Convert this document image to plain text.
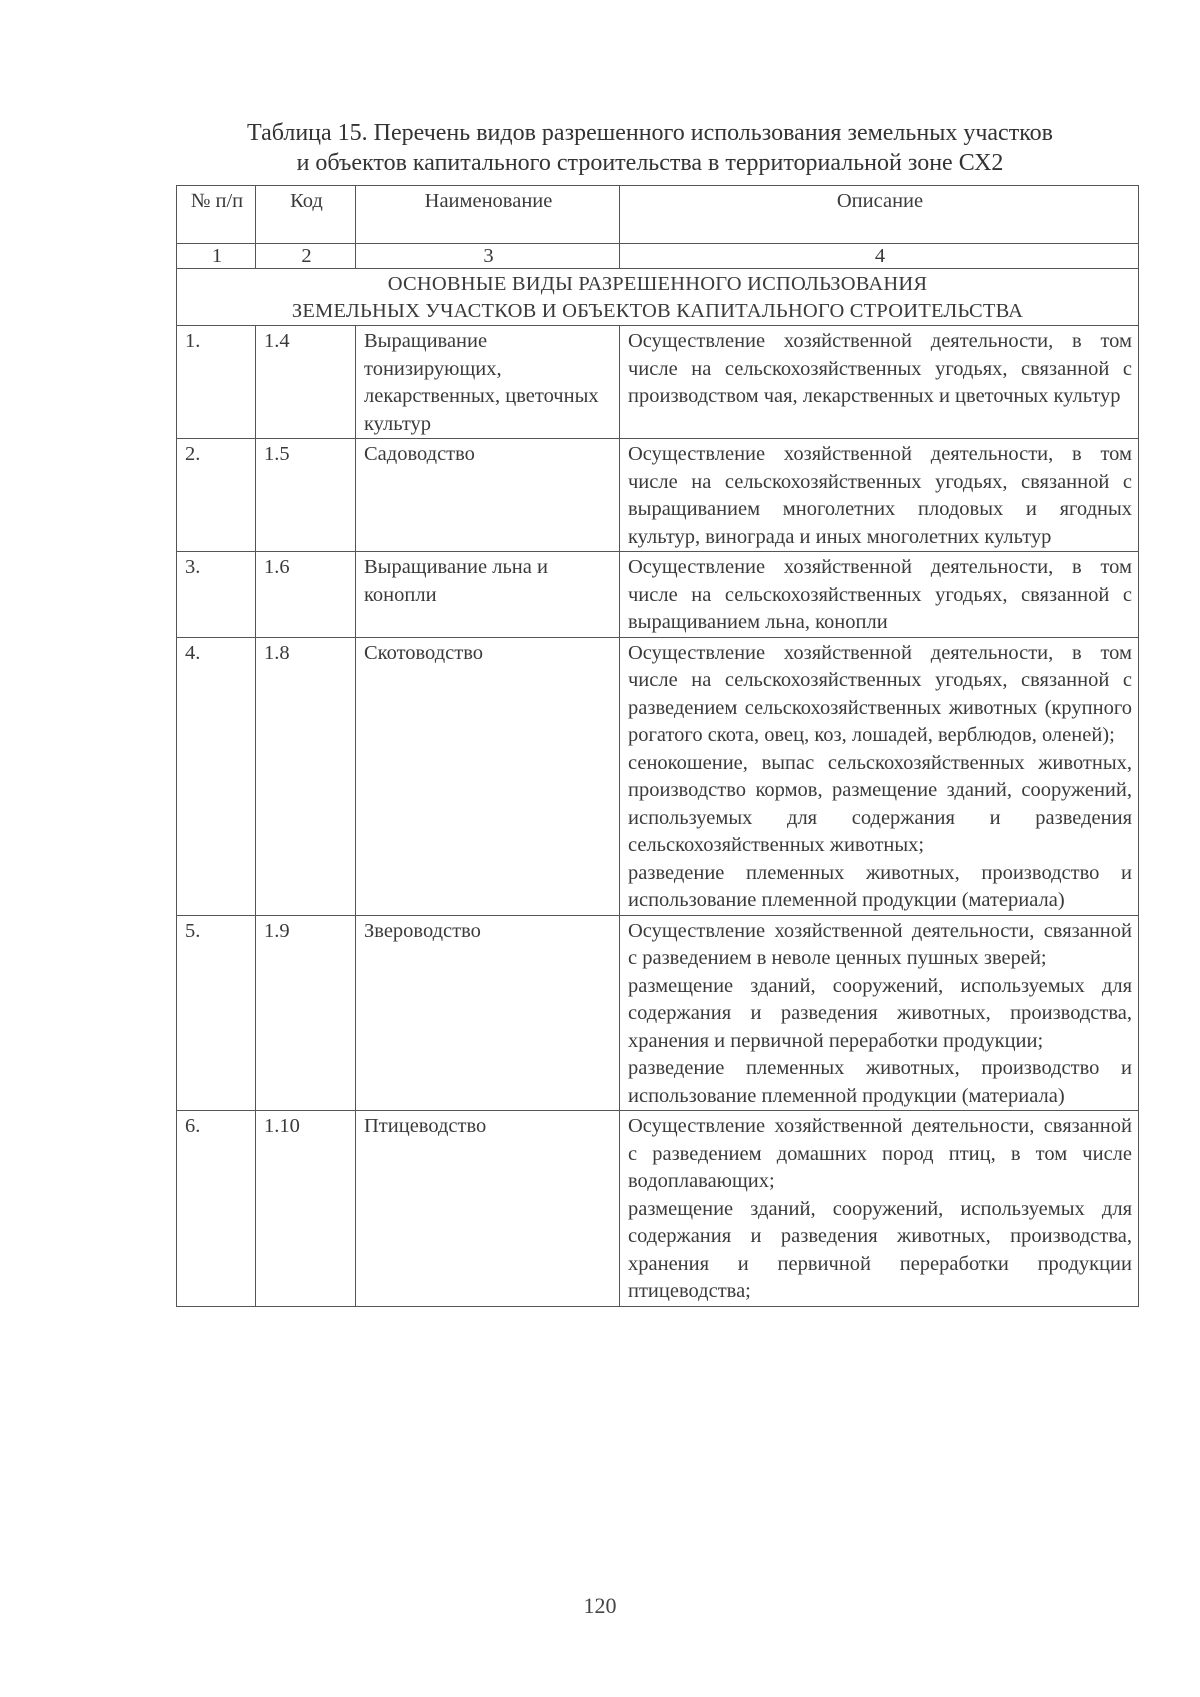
Таблица 15. Перечень видов разрешенного использования земельных участков
и объектов капитального строительства в территориальной зоне СХ2
№ п/п	Код	Наименование	Описание
1	2	3	4

ОСНОВНЫЕ ВИДЫ РАЗРЕШЕННОГО ИСПОЛЬЗОВАНИЯ
ЗЕМЕЛЬНЫХ УЧАСТКОВ И ОБЪЕКТОВ КАПИТАЛЬНОГО СТРОИТЕЛЬСТВА			

1.	1.4	Выращивание тонизирующих, лекарственных, цветочных культур	Осуществление хозяйственной деятельности, в том числе на сельскохозяйственных угодьях, связанной с производством чая, лекарственных и цветочных культур

2.	1.5	Садоводство	Осуществление хозяйственной деятельности, в том числе на сельскохозяйственных угодьях, связанной с выращиванием многолетних плодовых и ягодных культур, винограда и иных многолетних культур

3.	1.6	Выращивание льна и конопли	Осуществление хозяйственной деятельности, в том числе на сельскохозяйственных угодьях, связанной с выращиванием льна, конопли

4.	1.8	Скотоводство	Осуществление хозяйственной деятельности, в том числе на сельскохозяйственных угодьях, связанной с разведением сельскохозяйственных животных (крупного рогатого скота, овец, коз, лошадей, верблюдов, оленей);
сенокошение, выпас сельскохозяйственных животных, производство кормов, размещение зданий, сооружений, используемых для содержания и разведения сельскохозяйственных животных;
разведение племенных животных, производство и использование племенной продукции (материала)

5.	1.9	Звероводство	Осуществление хозяйственной деятельности, связанной с разведением в неволе ценных пушных зверей;
размещение зданий, сооружений, используемых для содержания и разведения животных, производства, хранения и первичной переработки продукции;
разведение племенных животных, производство и использование племенной продукции (материала)

6.	1.10	Птицеводство	Осуществление хозяйственной деятельности, связанной с разведением домашних пород птиц, в том числе водоплавающих;
размещение зданий, сооружений, используемых для содержания и разведения животных, производства, хранения и первичной переработки продукции птицеводства;
120
